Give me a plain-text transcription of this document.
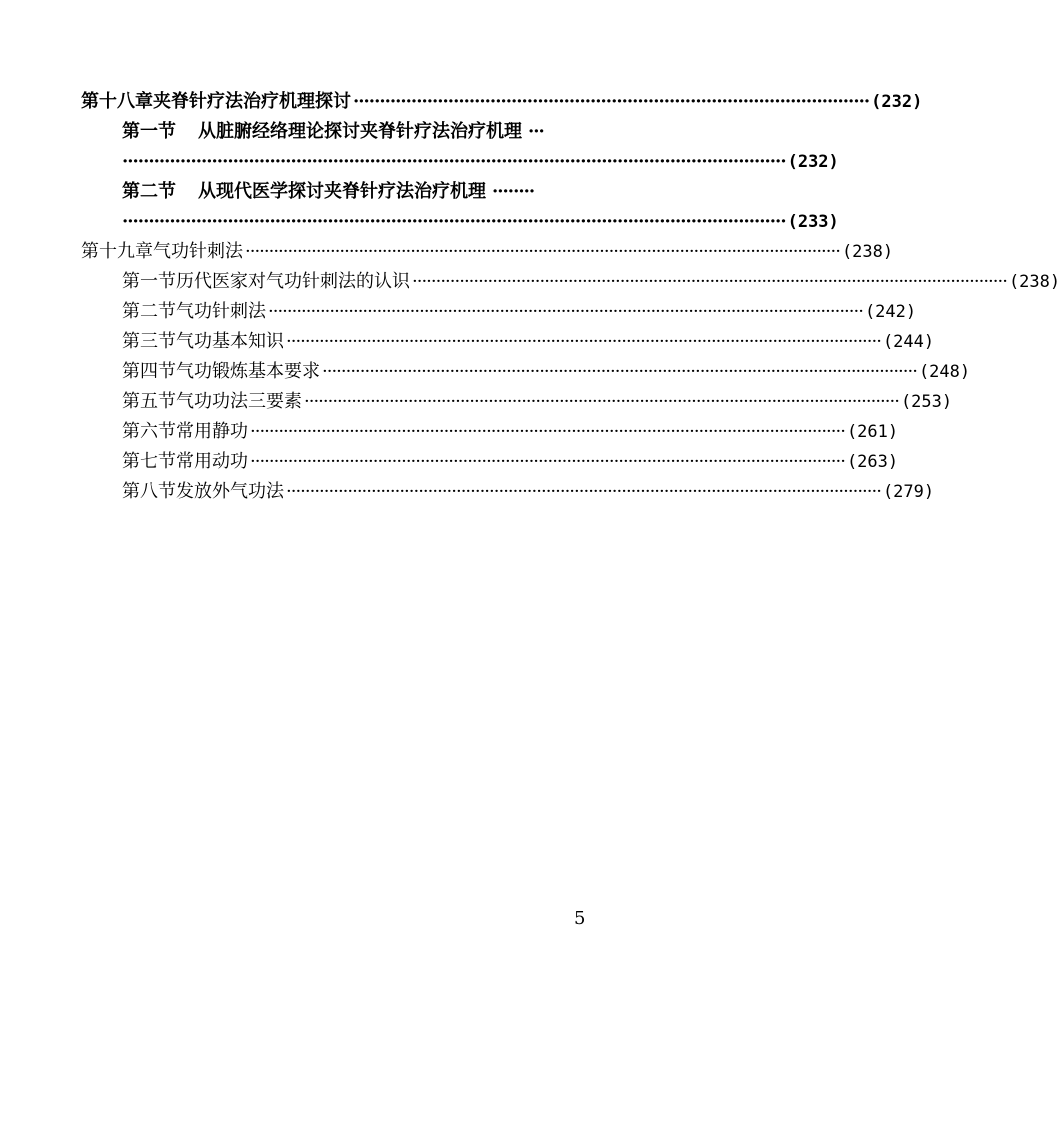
第十八章 夹脊针疗法治疗机理探讨 ·································································································· (232)
第一节 从脏腑经络理论探讨夹脊针疗法治疗机理 ···
······························································································································ (232)
第二节 从现代医学探讨夹脊针疗法治疗机理 ········
······························································································································ (233)
第十九章 气功针刺法 ······························································································································ (238)
第一节 历代医家对气功针刺法的认识 ······························································································································ (238)
第二节 气功针刺法 ······························································································································ (242)
第三节 气功基本知识 ······························································································································ (244)
第四节 气功锻炼基本要求 ······························································································································ (248)
第五节 气功功法三要素 ······························································································································ (253)
第六节 常用静功 ······························································································································ (261)
第七节 常用动功 ······························································································································ (263)
第八节 发放外气功法 ······························································································································ (279)
5
